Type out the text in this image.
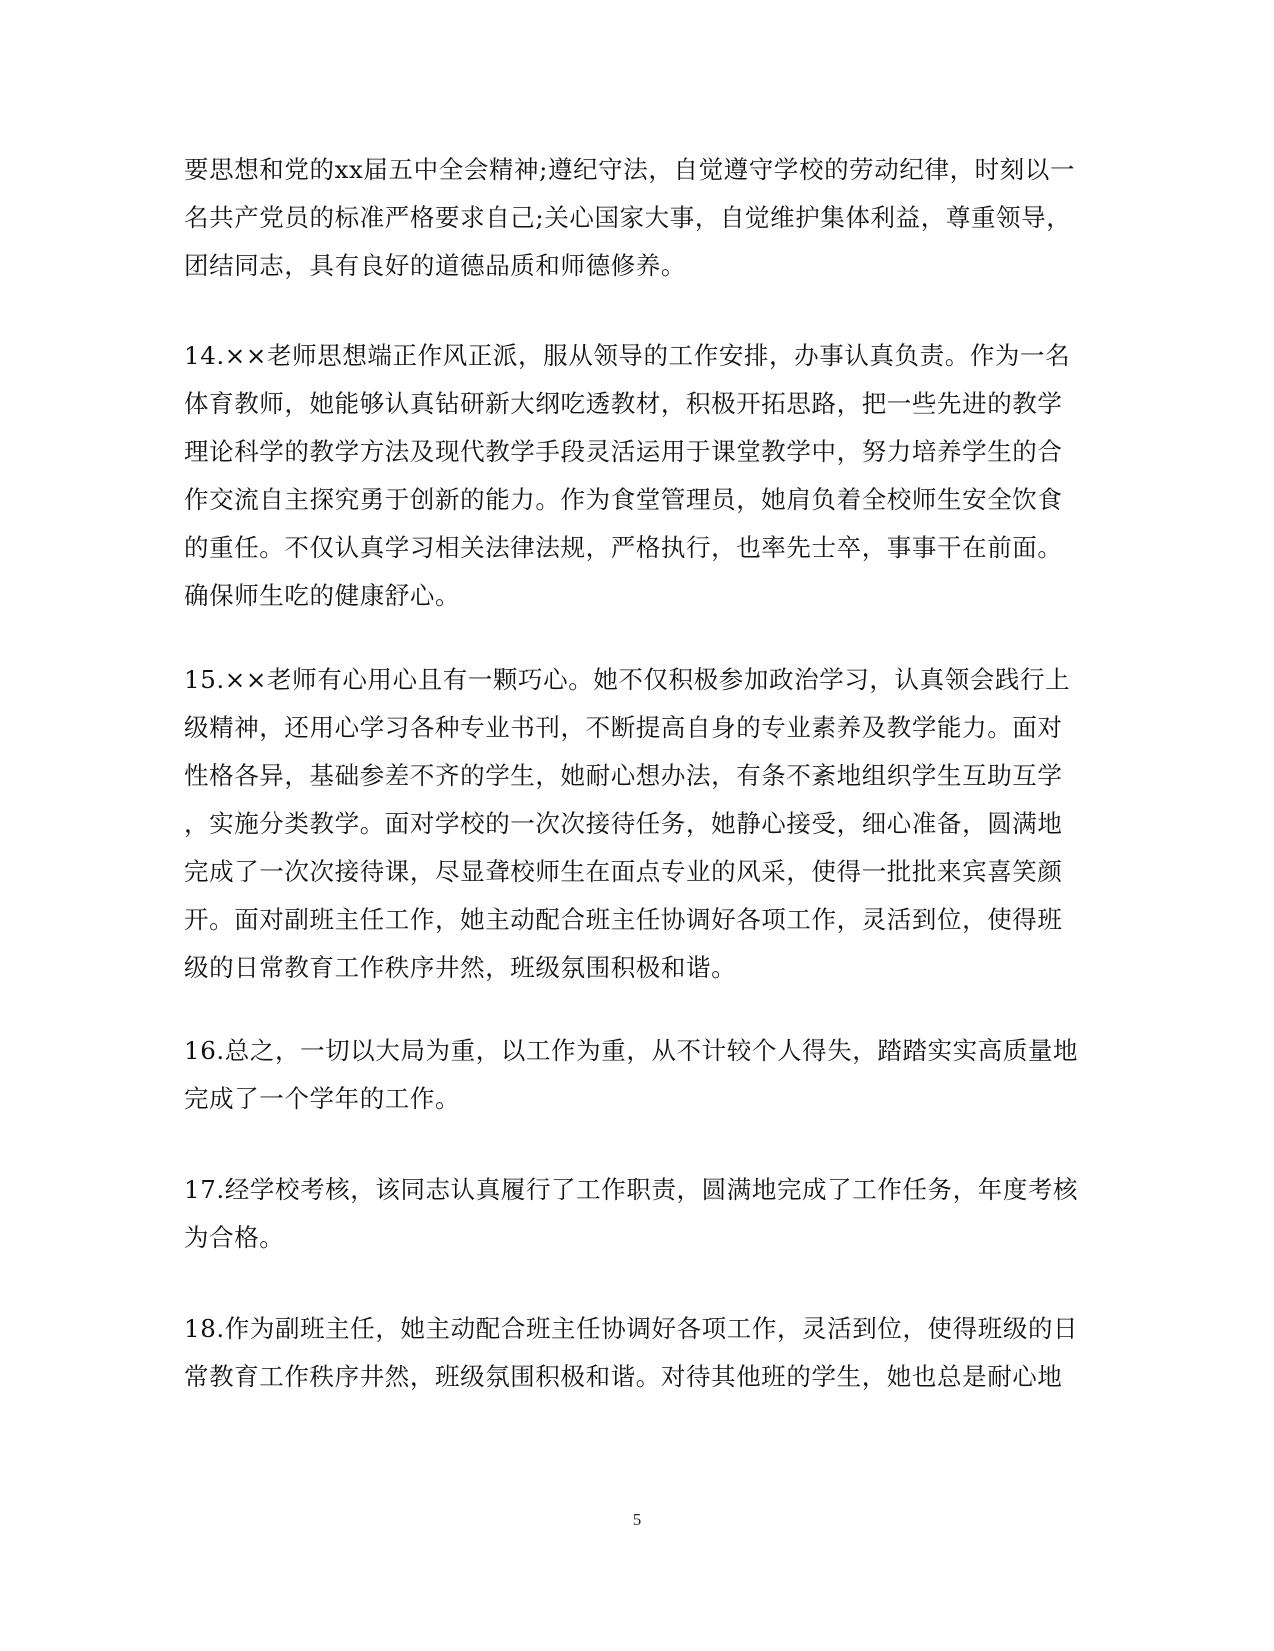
要思想和党的xx届五中全会精神;遵纪守法，自觉遵守学校的劳动纪律，时刻以一
名共产党员的标准严格要求自己;关心国家大事，自觉维护集体利益，尊重领导，
团结同志，具有良好的道德品质和师德修养。
14.××老师思想端正作风正派，服从领导的工作安排，办事认真负责。作为一名
体育教师，她能够认真钻研新大纲吃透教材，积极开拓思路，把一些先进的教学
理论科学的教学方法及现代教学手段灵活运用于课堂教学中，努力培养学生的合
作交流自主探究勇于创新的能力。作为食堂管理员，她肩负着全校师生安全饮食
的重任。不仅认真学习相关法律法规，严格执行，也率先士卒，事事干在前面。
确保师生吃的健康舒心。
15.××老师有心用心且有一颗巧心。她不仅积极参加政治学习，认真领会践行上
级精神，还用心学习各种专业书刊，不断提高自身的专业素养及教学能力。面对
性格各异，基础参差不齐的学生，她耐心想办法，有条不紊地组织学生互助互学
，实施分类教学。面对学校的一次次接待任务，她静心接受，细心准备，圆满地
完成了一次次接待课，尽显聋校师生在面点专业的风采，使得一批批来宾喜笑颜
开。面对副班主任工作，她主动配合班主任协调好各项工作，灵活到位，使得班
级的日常教育工作秩序井然，班级氛围积极和谐。
16.总之，一切以大局为重，以工作为重，从不计较个人得失，踏踏实实高质量地
完成了一个学年的工作。
17.经学校考核，该同志认真履行了工作职责，圆满地完成了工作任务，年度考核
为合格。
18.作为副班主任，她主动配合班主任协调好各项工作，灵活到位，使得班级的日
常教育工作秩序井然，班级氛围积极和谐。对待其他班的学生，她也总是耐心地
5
